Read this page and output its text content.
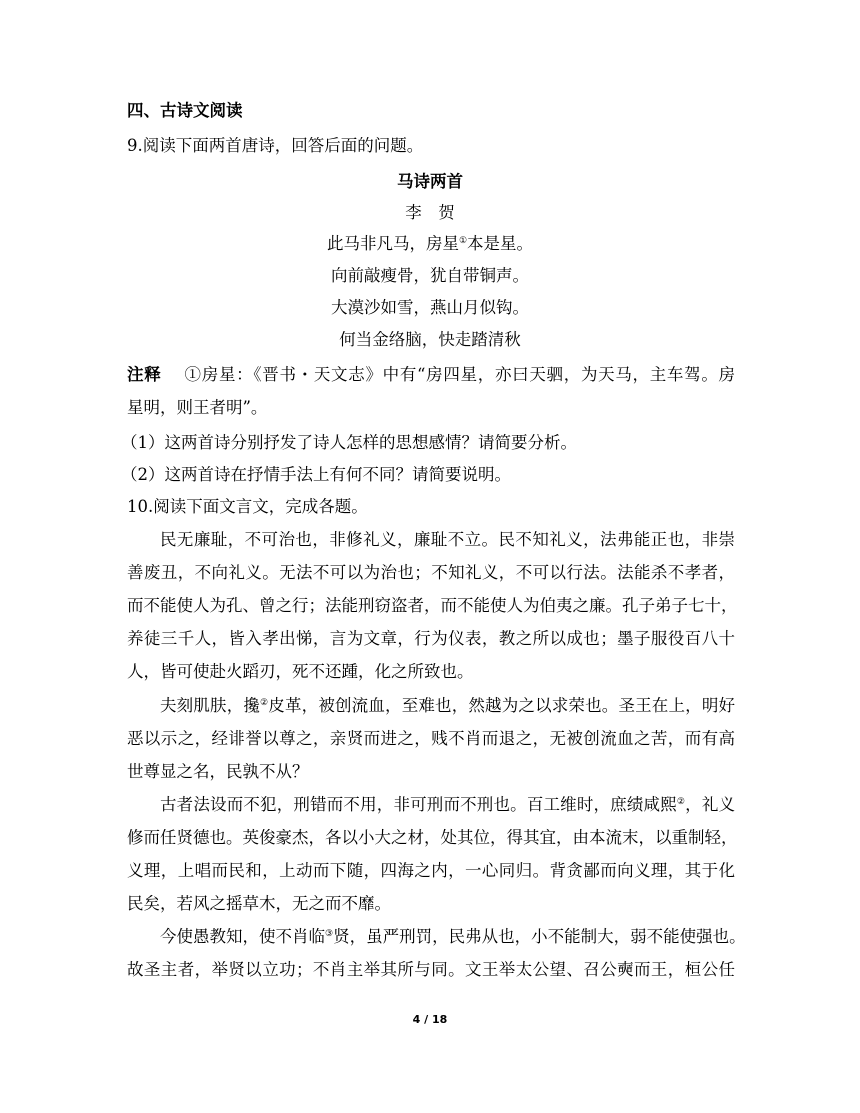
四、古诗文阅读
9.阅读下面两首唐诗，回答后面的问题。
马诗两首
李　贺
此马非凡马，房星①本是星。
向前敲瘦骨，犹自带铜声。
大漠沙如雪，燕山月似钩。
何当金络脑，快走踏清秋
注释　 ①房星：《晋书・天文志》中有“房四星，亦曰天驷，为天马，主车驾。房
星明，则王者明”。
（1）这两首诗分别抒发了诗人怎样的思想感情？请简要分析。
（2）这两首诗在抒情手法上有何不同？请简要说明。
10.阅读下面文言文，完成各题。
民无廉耻，不可治也，非修礼义，廉耻不立。民不知礼义，法弗能正也，非崇
善废丑，不向礼义。无法不可以为治也；不知礼义，不可以行法。法能杀不孝者，
而不能使人为孔、曾之行；法能刑窃盗者，而不能使人为伯夷之廉。孔子弟子七十，
养徒三千人，皆入孝出悌，言为文章，行为仪表，教之所以成也；墨子服役百八十
人，皆可使赴火蹈刃，死不还踵，化之所致也。
夫刻肌肤，攙②皮革，被创流血，至难也，然越为之以求荣也。圣王在上，明好
恶以示之，经诽誉以尊之，亲贤而进之，贱不肖而退之，无被创流血之苦，而有高
世尊显之名，民孰不从？
古者法设而不犯，刑错而不用，非可刑而不刑也。百工维时，庶绩咸熙②，礼义
修而任贤德也。英俊豪杰，各以小大之材，处其位，得其宜，由本流末，以重制轻，
义理，上唱而民和，上动而下随，四海之内，一心同归。背贪鄙而向义理，其于化
民矣，若风之摇草木，无之而不靡。
今使愚教知，使不肖临③贤，虽严刑罚，民弗从也，小不能制大，弱不能使强也。
故圣主者，举贤以立功；不肖主举其所与同。文王举太公望、召公奭而王，桓公任
4 / 18
